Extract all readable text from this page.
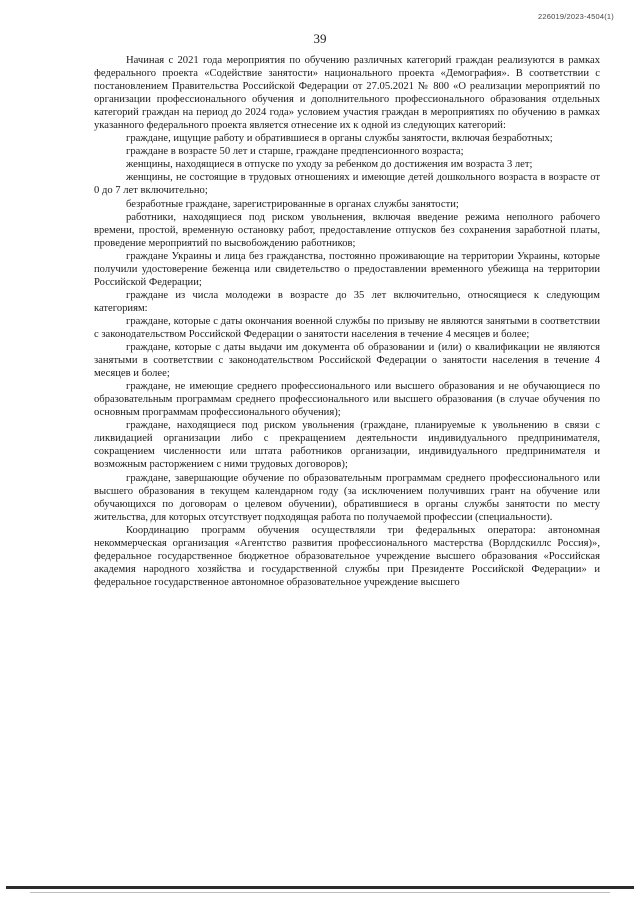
226019/2023-4504(1)
39

Начиная с 2021 года мероприятия по обучению различных категорий граждан реализуются в рамках федерального проекта «Содействие занятости» национального проекта «Демография». В соответствии с постановлением Правительства Российской Федерации от 27.05.2021 № 800 «О реализации мероприятий по организации профессионального обучения и дополнительного профессионального образования отдельных категорий граждан на период до 2024 года» условием участия граждан в мероприятиях по обучению в рамках указанного федерального проекта является отнесение их к одной из следующих категорий:

граждане, ищущие работу и обратившиеся в органы службы занятости, включая безработных;

граждане в возрасте 50 лет и старше, граждане предпенсионного возраста;

женщины, находящиеся в отпуске по уходу за ребенком до достижения им возраста 3 лет;

женщины, не состоящие в трудовых отношениях и имеющие детей дошкольного возраста в возрасте от 0 до 7 лет включительно;

безработные граждане, зарегистрированные в органах службы занятости;

работники, находящиеся под риском увольнения, включая введение режима неполного рабочего времени, простой, временную остановку работ, предоставление отпусков без сохранения заработной платы, проведение мероприятий по высвобождению работников;

граждане Украины и лица без гражданства, постоянно проживающие на территории Украины, которые получили удостоверение беженца или свидетельство о предоставлении временного убежища на территории Российской Федерации;

граждане из числа молодежи в возрасте до 35 лет включительно, относящиеся к следующим категориям:

граждане, которые с даты окончания военной службы по призыву не являются занятыми в соответствии с законодательством Российской Федерации о занятости населения в течение 4 месяцев и более;

граждане, которые с даты выдачи им документа об образовании и (или) о квалификации не являются занятыми в соответствии с законодательством Российской Федерации о занятости населения в течение 4 месяцев и более;

граждане, не имеющие среднего профессионального или высшего образования и не обучающиеся по образовательным программам среднего профессионального или высшего образования (в случае обучения по основным программам профессионального обучения);

граждане, находящиеся под риском увольнения (граждане, планируемые к увольнению в связи с ликвидацией организации либо с прекращением деятельности индивидуального предпринимателя, сокращением численности или штата работников организации, индивидуального предпринимателя и возможным расторжением с ними трудовых договоров);

граждане, завершающие обучение по образовательным программам среднего профессионального или высшего образования в текущем календарном году (за исключением получивших грант на обучение или обучающихся по договорам о целевом обучении), обратившиеся в органы службы занятости по месту жительства, для которых отсутствует подходящая работа по получаемой профессии (специальности).

Координацию программ обучения осуществляли три федеральных оператора: автономная некоммерческая организация «Агентство развития профессионального мастерства (Ворлдскиллс Россия)», федеральное государственное бюджетное образовательное учреждение высшего образования «Российская академия народного хозяйства и государственной службы при Президенте Российской Федерации» и федеральное государственное автономное образовательное учреждение высшего
